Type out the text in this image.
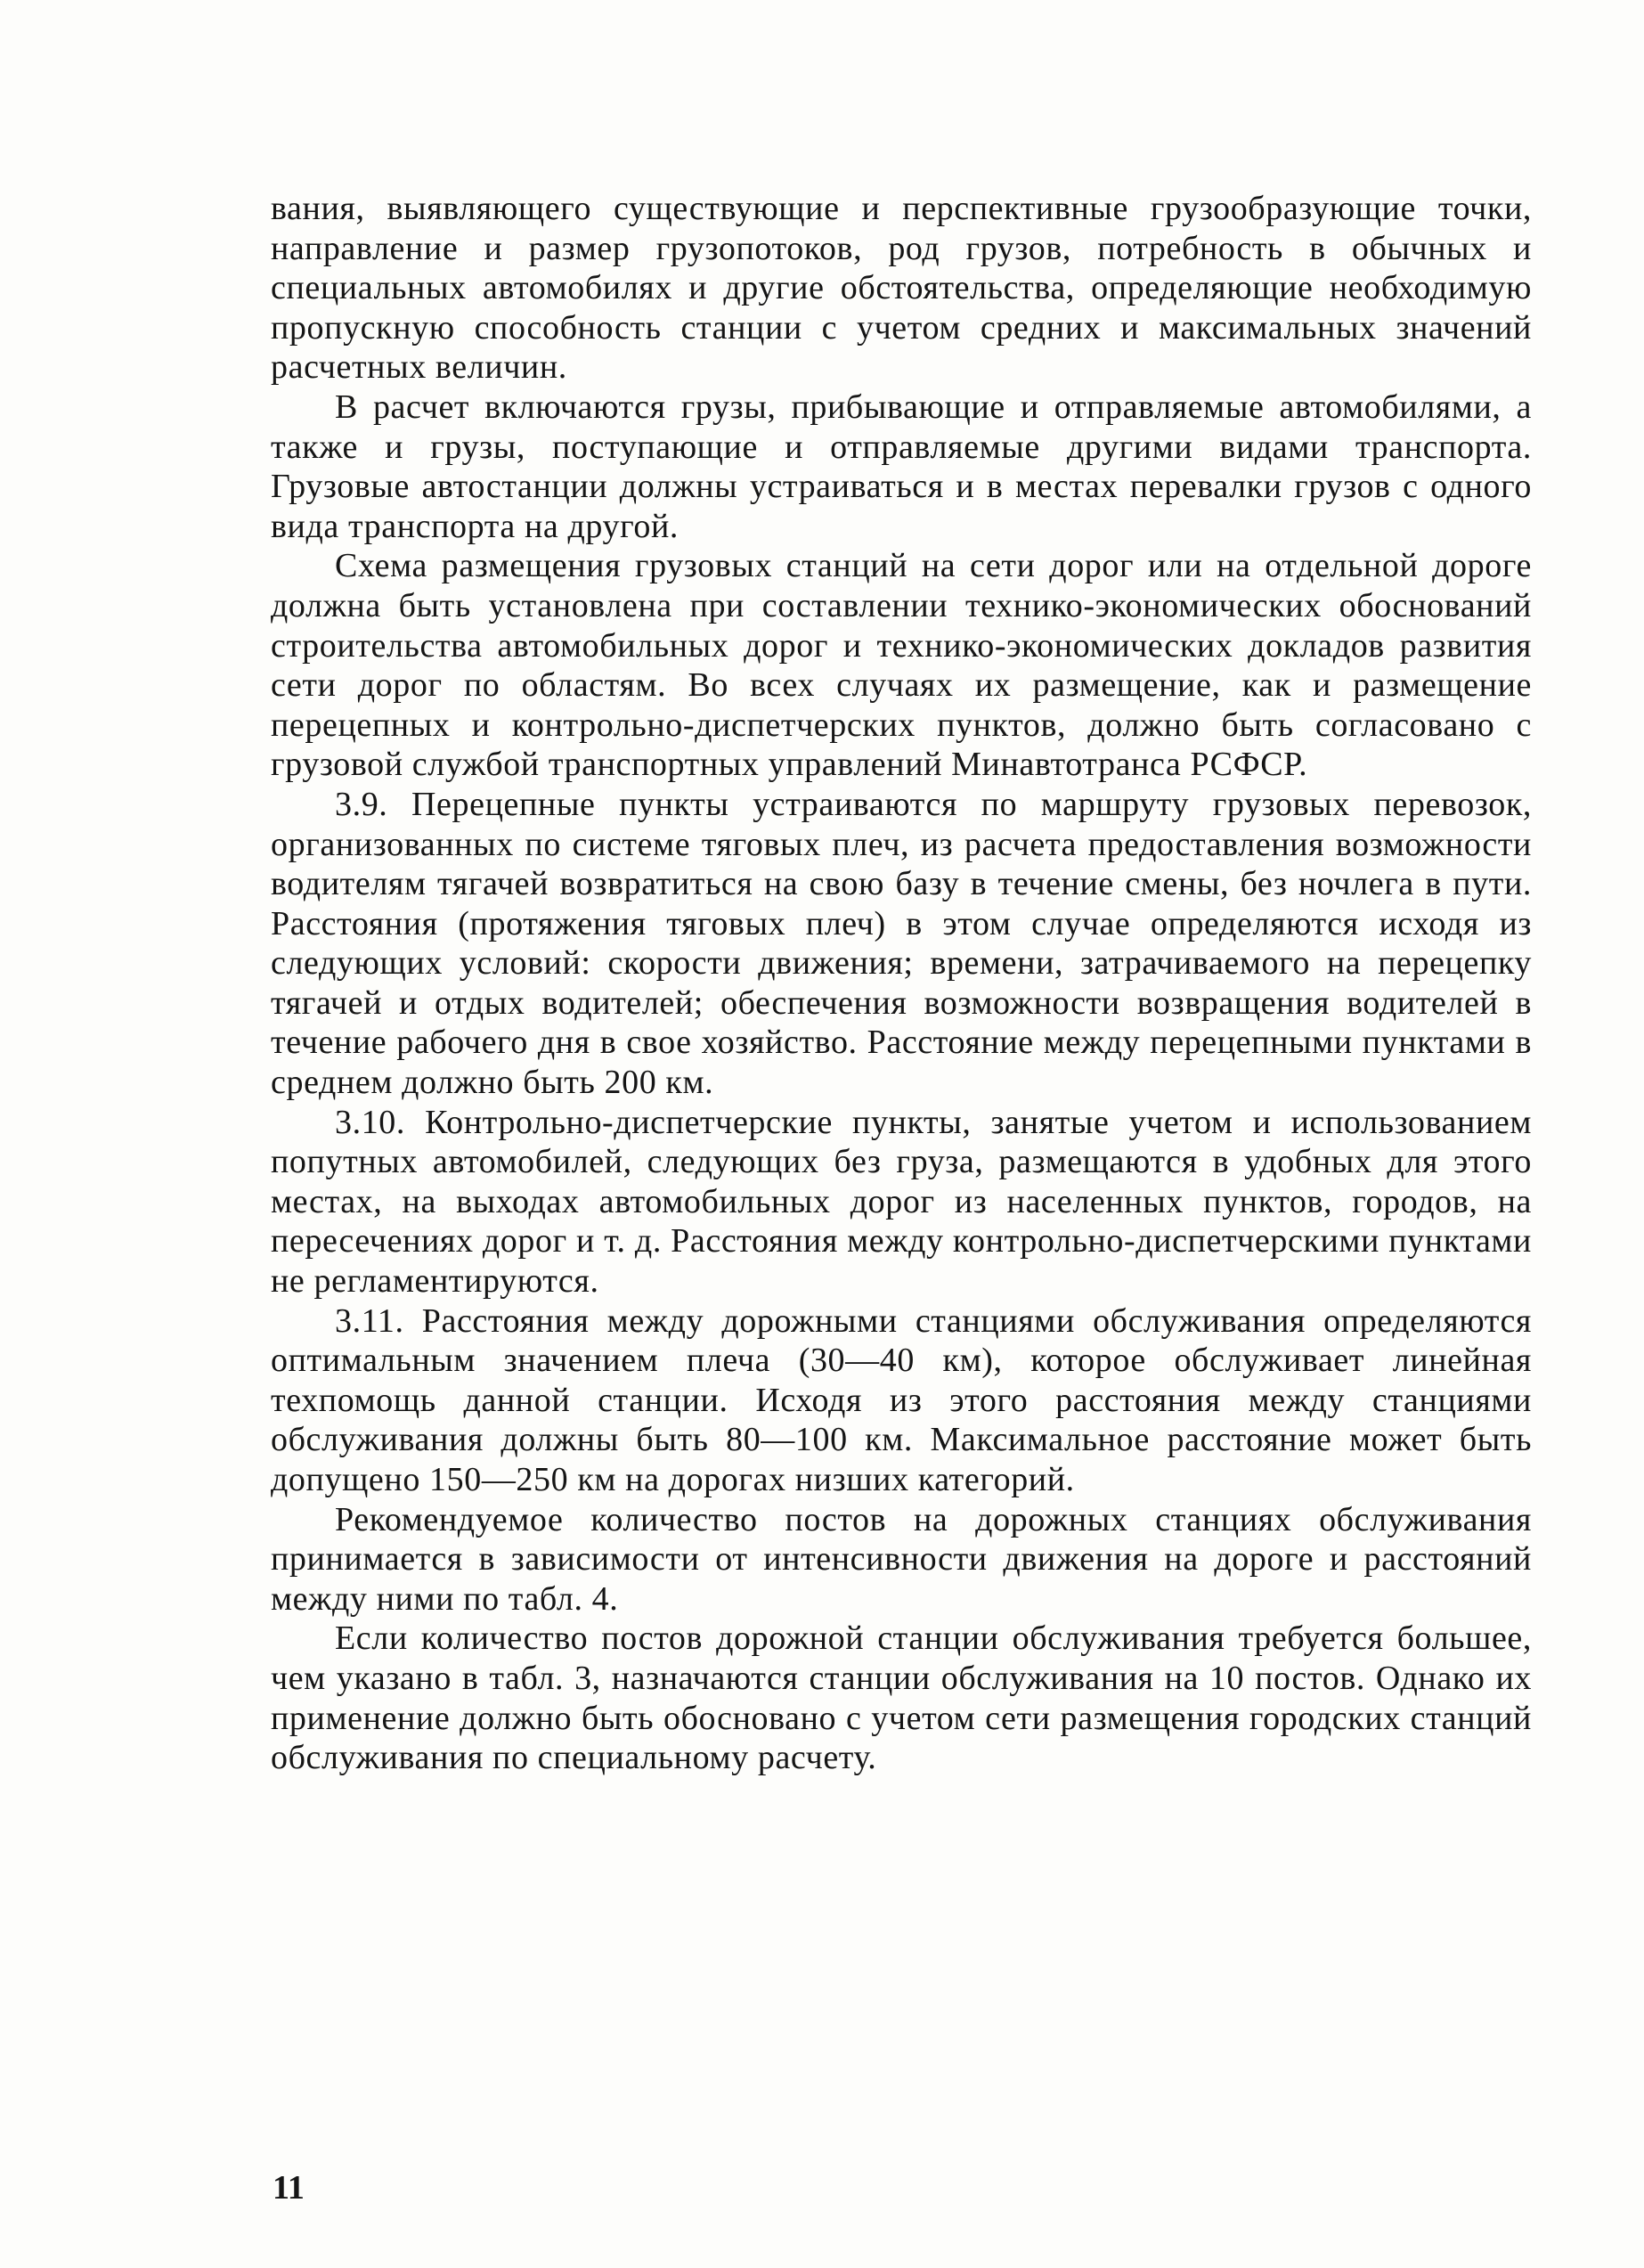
вания, выявляющего существующие и перспективные грузообразующие точки, направление и размер грузопотоков, род грузов, потребность в обычных и специальных автомобилях и другие обстоятельства, определяющие необходимую пропускную способность станции с учетом средних и максимальных значений расчетных величин.

В расчет включаются грузы, прибывающие и отправляемые автомобилями, а также и грузы, поступающие и отправляемые другими видами транспорта. Грузовые автостанции должны устраиваться и в местах перевалки грузов с одного вида транспорта на другой.

Схема размещения грузовых станций на сети дорог или на отдельной дороге должна быть установлена при составлении технико-экономических обоснований строительства автомобильных дорог и технико-экономических докладов развития сети дорог по областям. Во всех случаях их размещение, как и размещение перецепных и контрольно-диспетчерских пунктов, должно быть согласовано с грузовой службой транспортных управлений Минавтотранса РСФСР.

3.9. Перецепные пункты устраиваются по маршруту грузовых перевозок, организованных по системе тяговых плеч, из расчета предоставления возможности водителям тягачей возвратиться на свою базу в течение смены, без ночлега в пути. Расстояния (протяжения тяговых плеч) в этом случае определяются исходя из следующих условий: скорости движения; времени, затрачиваемого на перецепку тягачей и отдых водителей; обеспечения возможности возвращения водителей в течение рабочего дня в свое хозяйство. Расстояние между перецепными пунктами в среднем должно быть 200 км.

3.10. Контрольно-диспетчерские пункты, занятые учетом и использованием попутных автомобилей, следующих без груза, размещаются в удобных для этого местах, на выходах автомобильных дорог из населенных пунктов, городов, на пересечениях дорог и т. д. Расстояния между контрольно-диспетчерскими пунктами не регламентируются.

3.11. Расстояния между дорожными станциями обслуживания определяются оптимальным значением плеча (30—40 км), которое обслуживает линейная техпомощь данной станции. Исходя из этого расстояния между станциями обслуживания должны быть 80—100 км. Максимальное расстояние может быть допущено 150—250 км на дорогах низших категорий.

Рекомендуемое количество постов на дорожных станциях обслуживания принимается в зависимости от интенсивности движения на дороге и расстояний между ними по табл. 4.

Если количество постов дорожной станции обслуживания требуется большее, чем указано в табл. 3, назначаются станции обслуживания на 10 постов. Однако их применение должно быть обосновано с учетом сети размещения городских станций обслуживания по специальному расчету.

11
